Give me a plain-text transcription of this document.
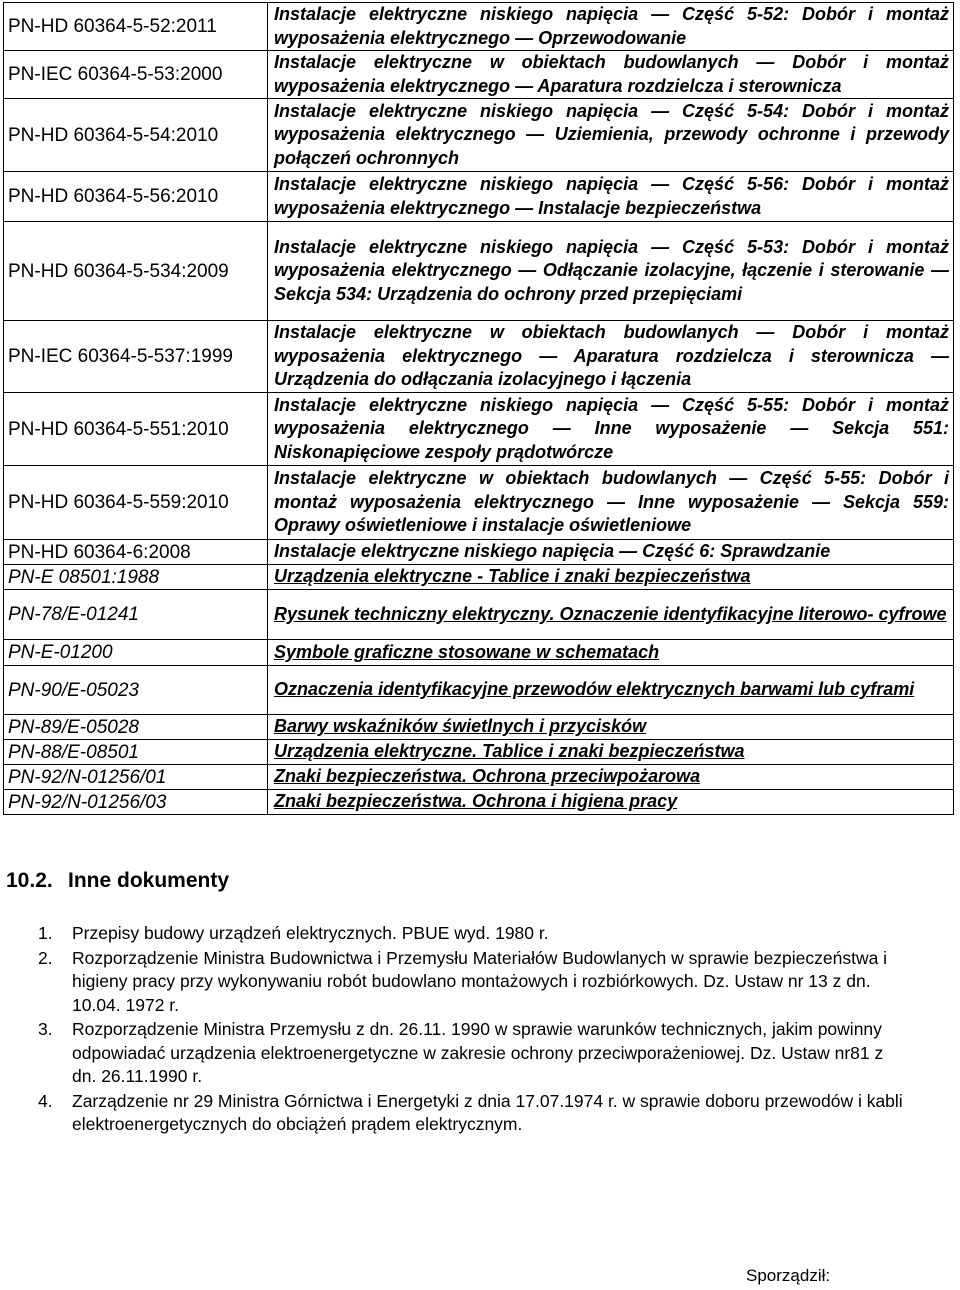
PN-HD 60364-5-52:2011	Instalacje elektryczne niskiego napięcia — Część 5-52: Dobór i montaż wyposażenia elektrycznego — Oprzewodowanie
PN-IEC 60364-5-53:2000	Instalacje elektryczne w obiektach budowlanych — Dobór i montaż wyposażenia elektrycznego — Aparatura rozdzielcza i sterownicza
PN-HD 60364-5-54:2010	Instalacje elektryczne niskiego napięcia — Część 5-54: Dobór i montaż wyposażenia elektrycznego — Uziemienia, przewody ochronne i przewody połączeń ochronnych
PN-HD 60364-5-56:2010	Instalacje elektryczne niskiego napięcia — Część 5-56: Dobór i montaż wyposażenia elektrycznego — Instalacje bezpieczeństwa
PN-HD 60364-5-534:2009	Instalacje elektryczne niskiego napięcia — Część 5-53: Dobór i montaż wyposażenia elektrycznego — Odłączanie izolacyjne, łączenie i sterowanie — Sekcja 534: Urządzenia do ochrony przed przepięciami
PN-IEC 60364-5-537:1999	Instalacje elektryczne w obiektach budowlanych — Dobór i montaż wyposażenia elektrycznego — Aparatura rozdzielcza i sterownicza — Urządzenia do odłączania izolacyjnego i łączenia
PN-HD 60364-5-551:2010	Instalacje elektryczne niskiego napięcia — Część 5-55: Dobór i montaż wyposażenia elektrycznego — Inne wyposażenie — Sekcja 551: Niskonapięciowe zespoły prądotwórcze
PN-HD 60364-5-559:2010	Instalacje elektryczne w obiektach budowlanych — Część 5-55: Dobór i montaż wyposażenia elektrycznego — Inne wyposażenie — Sekcja 559: Oprawy oświetleniowe i instalacje oświetleniowe
PN-HD 60364-6:2008	Instalacje elektryczne niskiego napięcia — Część 6: Sprawdzanie
PN-E 08501:1988	Urządzenia elektryczne - Tablice i znaki bezpieczeństwa
PN-78/E-01241	Rysunek techniczny elektryczny. Oznaczenie identyfikacyjne literowo- cyfrowe
PN-E-01200	Symbole graficzne stosowane w schematach
PN-90/E-05023	Oznaczenia identyfikacyjne przewodów elektrycznych barwami lub cyframi
PN-89/E-05028	Barwy wskaźników świetlnych i przycisków
PN-88/E-08501	Urządzenia elektryczne. Tablice i znaki bezpieczeństwa
PN-92/N-01256/01	Znaki bezpieczeństwa. Ochrona przeciwpożarowa
PN-92/N-01256/03	Znaki bezpieczeństwa. Ochrona i higiena pracy
10.2. Inne dokumenty
1.	Przepisy budowy urządzeń elektrycznych. PBUE wyd. 1980 r.
2.	Rozporządzenie Ministra Budownictwa i Przemysłu Materiałów Budowlanych w sprawie bezpieczeństwa i higieny pracy przy wykonywaniu robót budowlano montażowych i rozbiórkowych. Dz. Ustaw nr 13 z dn. 10.04. 1972 r.
3.	Rozporządzenie Ministra Przemysłu z dn. 26.11. 1990 w sprawie warunków technicznych, jakim powinny odpowiadać urządzenia elektroenergetyczne w zakresie ochrony przeciwporażeniowej. Dz. Ustaw nr81 z dn. 26.11.1990 r.
4.	Zarządzenie nr 29 Ministra Górnictwa i Energetyki z dnia 17.07.1974 r. w sprawie doboru przewodów i kabli elektroenergetycznych do obciążeń prądem elektrycznym.
Sporządził:
